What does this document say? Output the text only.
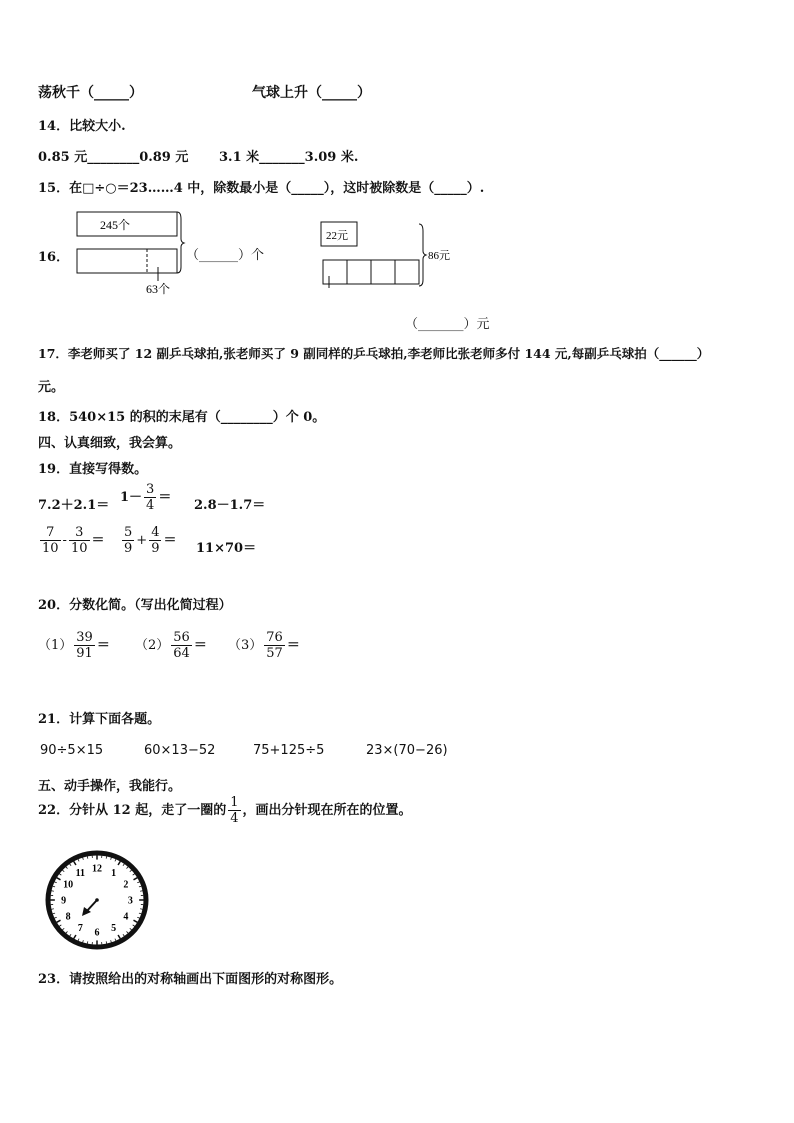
荡秋千（_____）	气球上升（_____）
14．比较大小.
0.85 元________0.89 元 3.1 米_______3.09 米.
15．在□÷○＝23……4 中，除数最小是（_____），这时被除数是（_____）.
16．
245个
63个
（______）个
22元
86元
（_______）元
17．李老师买了 12 副乒乓球拍,张老师买了 9 副同样的乒乓球拍,李老师比张老师多付 144 元,每副乒乓球拍（______）
元。
18．540×15 的积的末尾有（________）个 0。
四、认真细致，我会算。
19．直接写得数。
7.2＋2.1＝
$1- \frac{3}{4}$ ＝
2.8－1.7＝
$\frac{7}{10} - \frac{3}{10} = \frac{5}{9} + \frac{4}{9}$ ＝
11×70＝
20．分数化简。（写出化简过程）
$(1) \frac{39}{91} = (2) \frac{56}{64} = (3) \frac{76}{57}$ ＝
21．计算下面各题。
90÷5×15	60×13−52	75+125÷5	23×(70−26)
五、动手操作，我能行。
22．分针从 12 起，走了一圈的 $\frac{1}{4}$ ，画出分针现在所在的位置。
12 1
2
3
4
5
6
7
8
9
10
11
23．请按照给出的对称轴画出下面图形的对称图形。
